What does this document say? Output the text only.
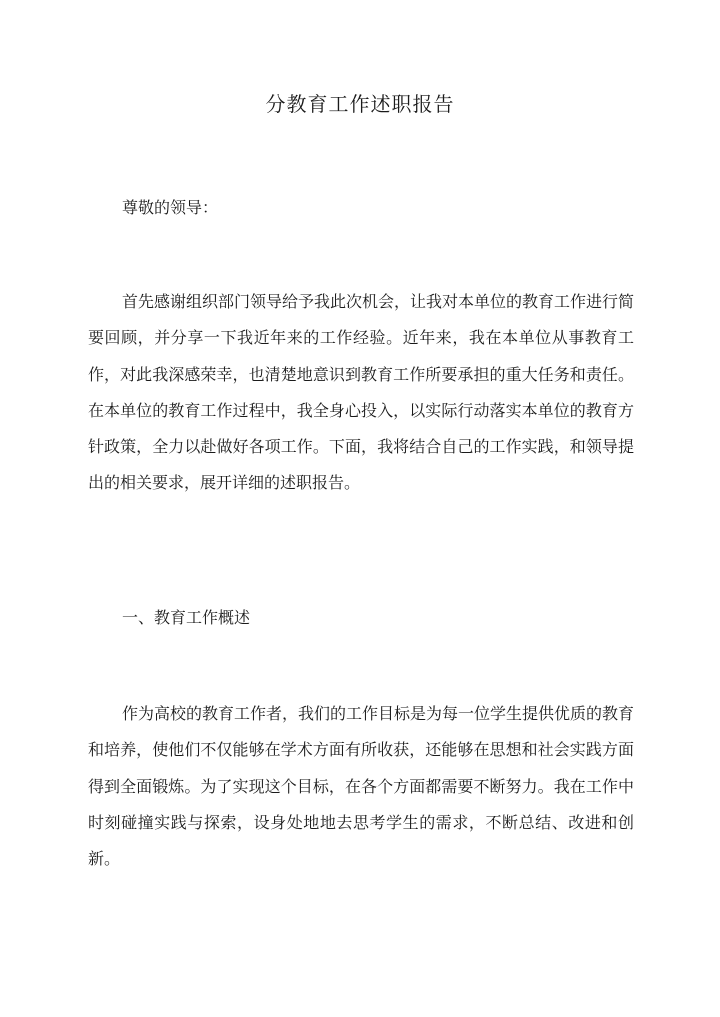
分教育工作述职报告

尊敬的领导：

首先感谢组织部门领导给予我此次机会，让我对本单位的教育工作进行简要回顾，并分享一下我近年来的工作经验。近年来，我在本单位从事教育工作，对此我深感荣幸，也清楚地意识到教育工作所要承担的重大任务和责任。在本单位的教育工作过程中，我全身心投入，以实际行动落实本单位的教育方针政策，全力以赴做好各项工作。下面，我将结合自己的工作实践，和领导提出的相关要求，展开详细的述职报告。

一、教育工作概述

作为高校的教育工作者，我们的工作目标是为每一位学生提供优质的教育和培养，使他们不仅能够在学术方面有所收获，还能够在思想和社会实践方面得到全面锻炼。为了实现这个目标，在各个方面都需要不断努力。我在工作中时刻碰撞实践与探索，设身处地地去思考学生的需求，不断总结、改进和创新。
